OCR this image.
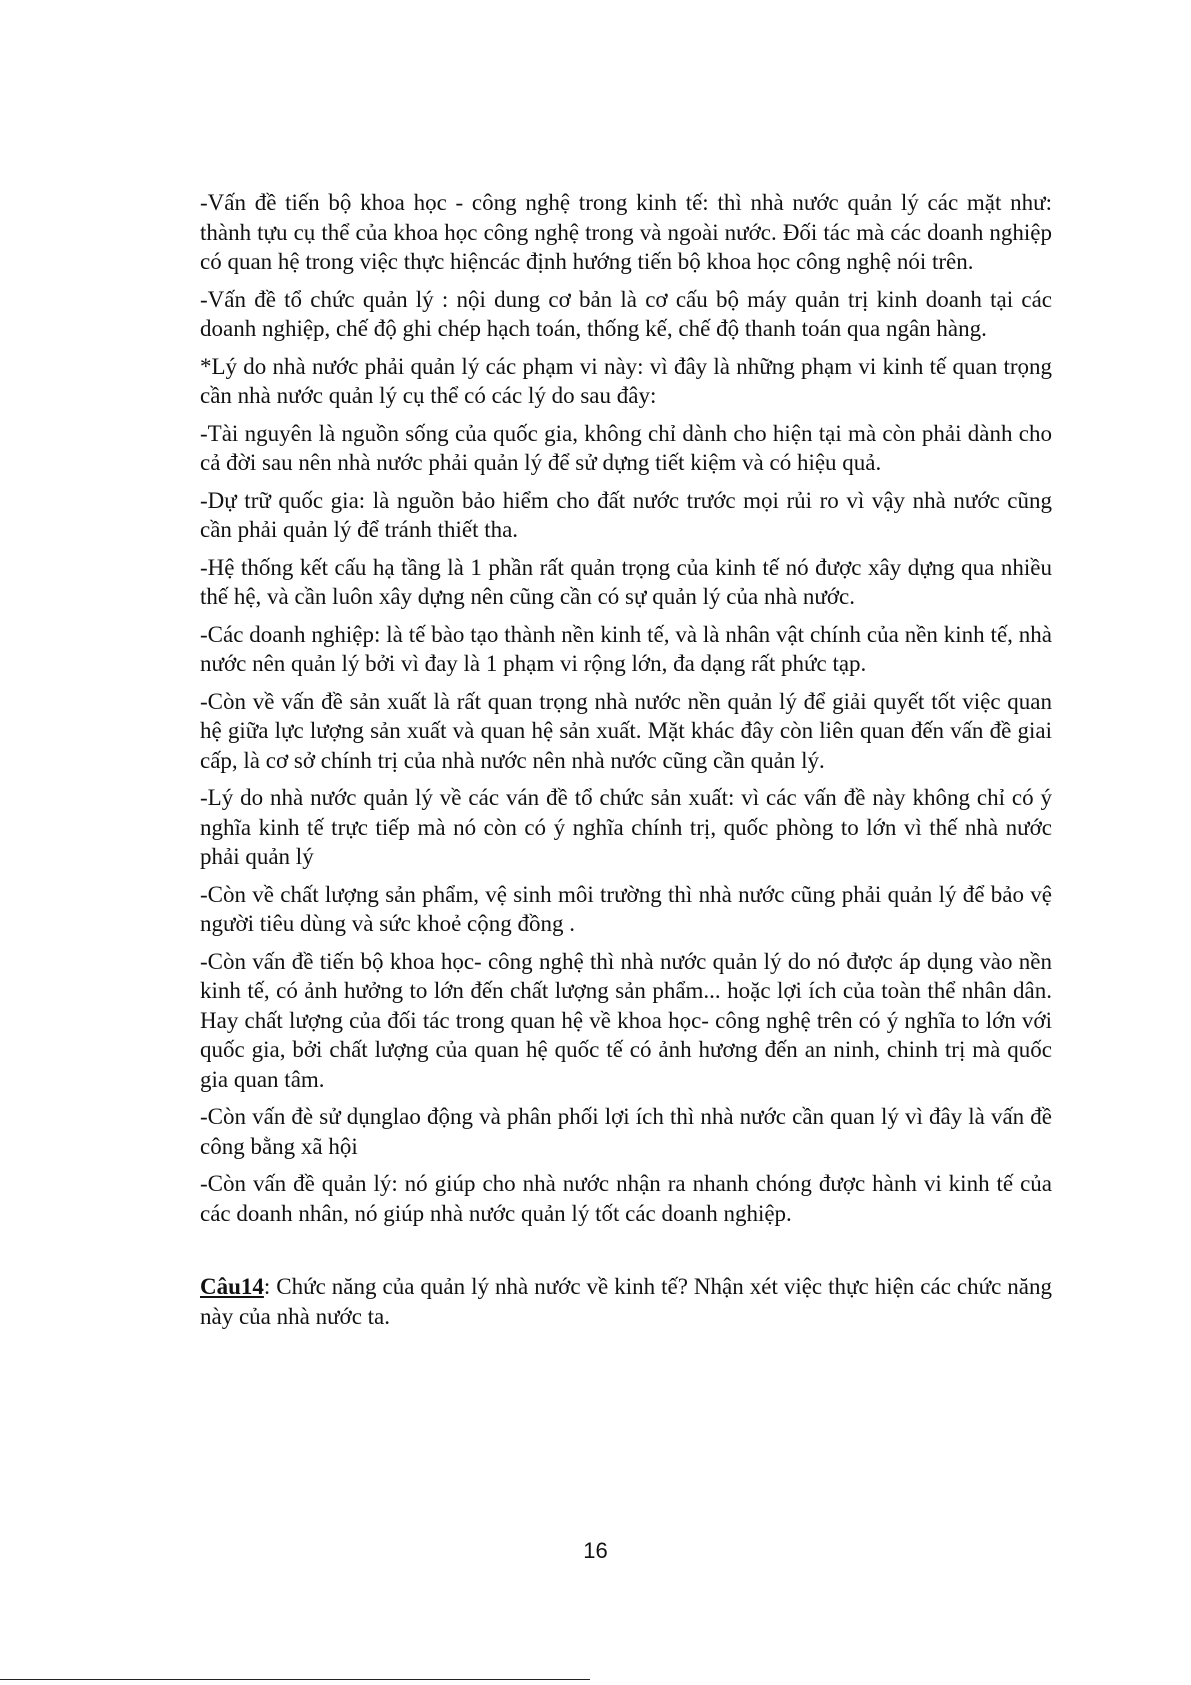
-Vấn đề tiến bộ khoa học - công nghệ trong kinh tế: thì nhà nước quản lý các mặt như: thành tựu cụ thể của khoa học công nghệ trong và ngoài nước. Đối tác mà các doanh nghiệp có quan hệ trong việc thực hiệncác định hướng tiến bộ khoa học công nghệ nói trên.

-Vấn đề tổ chức quản lý : nội dung cơ bản là cơ cấu bộ máy quản trị kinh doanh tại các doanh nghiệp, chế độ ghi chép hạch toán, thống kế, chế độ thanh toán qua ngân hàng.

*Lý do nhà nước phải quản lý các phạm vi này: vì đây là những phạm vi kinh tế quan trọng cần nhà nước quản lý cụ thể có các lý do sau đây:

-Tài nguyên là nguồn sống của quốc gia, không chỉ dành cho hiện tại mà còn phải dành cho cả đời sau nên nhà nước phải quản lý để sử dựng tiết kiệm và có hiệu quả.

-Dự trữ quốc gia: là nguồn bảo hiểm cho đất nước trước mọi rủi ro vì vậy nhà nước cũng cần phải quản lý để tránh thiết tha.

-Hệ thống kết cấu hạ tầng là 1 phần rất quản trọng của kinh tế nó được xây dựng qua nhiều thế hệ, và cần luôn xây dựng nên cũng cần có sự quản lý của nhà nước.

-Các doanh nghiệp: là tế bào tạo thành nền kinh tế, và là nhân vật chính của nền kinh tế, nhà nước nên quản lý bởi vì đay là 1 phạm vi rộng lớn, đa dạng rất phức tạp.

-Còn về vấn đề sản xuất là rất quan trọng nhà nước nền quản lý để giải quyết tốt việc quan hệ giữa lực lượng sản xuất và quan hệ sản xuất. Mặt khác đây còn liên quan đến vấn đề giai cấp, là cơ sở chính trị của nhà nước nên nhà nước cũng cần quản lý.

-Lý do nhà nước quản lý về các ván đề tổ chức sản xuất: vì các vấn đề này không chỉ có ý nghĩa kinh tế trực tiếp mà nó còn có ý nghĩa chính trị, quốc phòng to lớn vì thế nhà nước phải quản lý

-Còn về chất lượng sản phẩm, vệ sinh môi trường thì nhà nước cũng phải quản lý để bảo vệ người tiêu dùng và sức khoẻ cộng đồng .

-Còn vấn đề tiến bộ khoa học- công nghệ thì nhà nước quản lý do nó được áp dụng vào nền kinh tế, có ảnh hưởng to lớn đến chất lượng sản phẩm... hoặc lợi ích của toàn thể nhân dân. Hay chất lượng của đối tác trong quan hệ về khoa học- công nghệ trên có ý nghĩa to lớn với quốc gia, bởi chất lượng của quan hệ quốc tế có ảnh hương đến an ninh, chinh trị mà quốc gia quan tâm.

-Còn vấn đè sử dụnglao động và phân phối lợi ích thì nhà nước cần quan lý vì đây là vấn đề công bằng xã hội

-Còn vấn đề quản lý: nó giúp cho nhà nước nhận ra nhanh chóng được hành vi kinh tế của các doanh nhân, nó giúp nhà nước quản lý tốt các doanh nghiệp.

Câu14: Chức năng của quản lý nhà nước về kinh tế? Nhận xét việc thực hiện các chức năng này của nhà nước ta.

16
